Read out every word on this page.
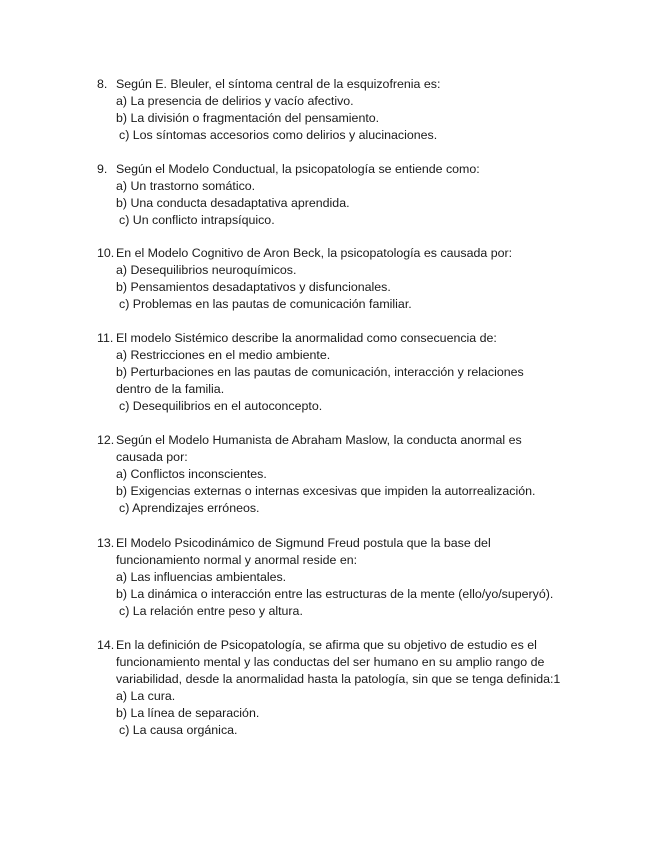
8. Según E. Bleuler, el síntoma central de la esquizofrenia es:
a) La presencia de delirios y vacío afectivo.
b) La división o fragmentación del pensamiento.
c) Los síntomas accesorios como delirios y alucinaciones.
9. Según el Modelo Conductual, la psicopatología se entiende como:
a) Un trastorno somático.
b) Una conducta desadaptativa aprendida.
c) Un conflicto intrapsíquico.
10. En el Modelo Cognitivo de Aron Beck, la psicopatología es causada por:
a) Desequilibrios neuroquímicos.
b) Pensamientos desadaptativos y disfuncionales.
c) Problemas en las pautas de comunicación familiar.
11. El modelo Sistémico describe la anormalidad como consecuencia de:
a) Restricciones en el medio ambiente.
b) Perturbaciones en las pautas de comunicación, interacción y relaciones
dentro de la familia.
c) Desequilibrios en el autoconcepto.
12. Según el Modelo Humanista de Abraham Maslow, la conducta anormal es
causada por:
a) Conflictos inconscientes.
b) Exigencias externas o internas excesivas que impiden la autorrealización.
c) Aprendizajes erróneos.
13. El Modelo Psicodinámico de Sigmund Freud postula que la base del
funcionamiento normal y anormal reside en:
a) Las influencias ambientales.
b) La dinámica o interacción entre las estructuras de la mente (ello/yo/superyó).
c) La relación entre peso y altura.
14. En la definición de Psicopatología, se afirma que su objetivo de estudio es el
funcionamiento mental y las conductas del ser humano en su amplio rango de
variabilidad, desde la anormalidad hasta la patología, sin que se tenga definida:1
a) La cura.
b) La línea de separación.
c) La causa orgánica.
